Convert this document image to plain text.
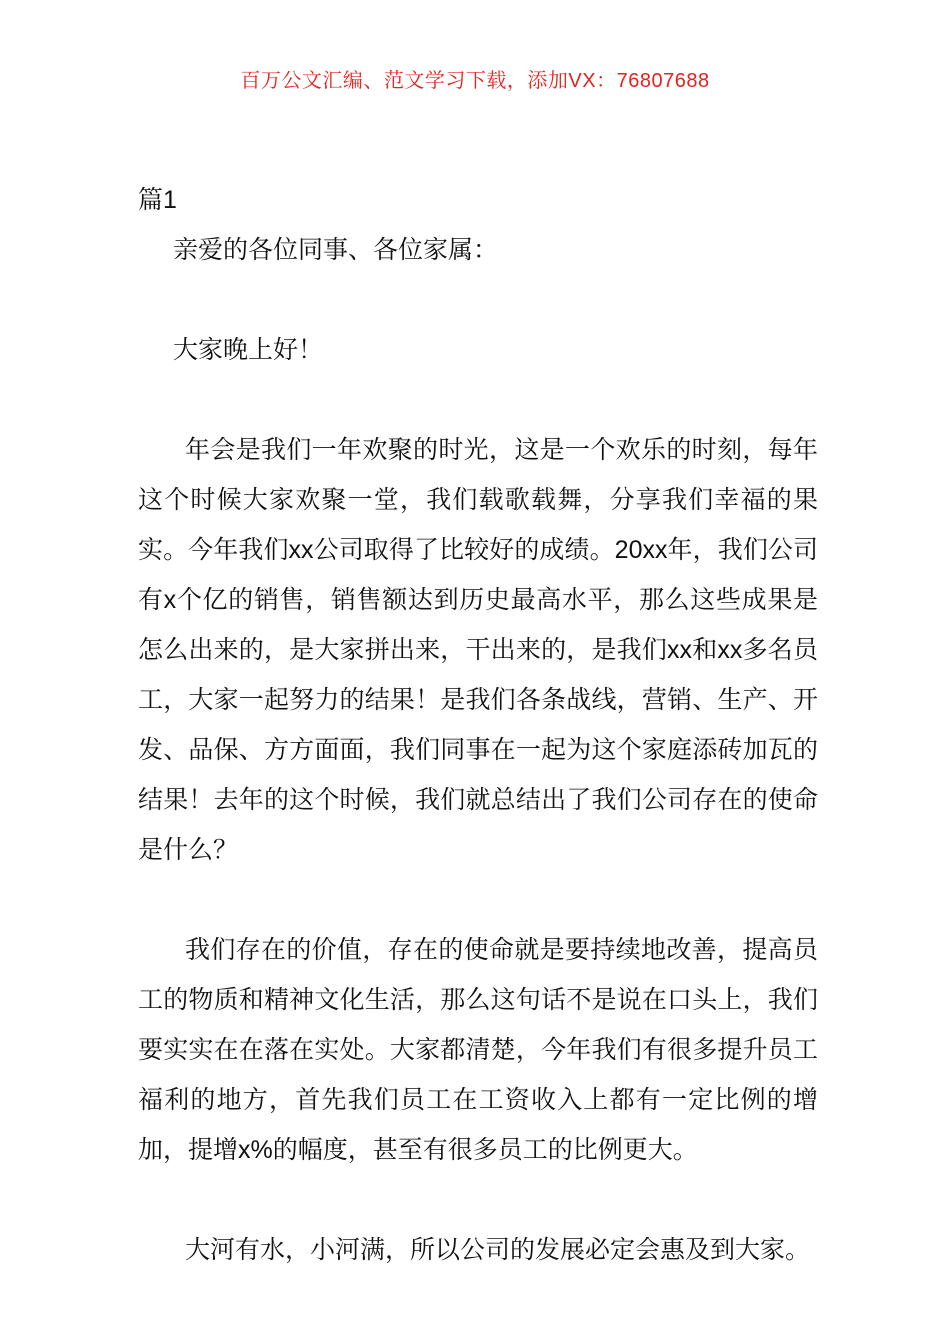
百万公文汇编、范文学习下载，添加VX：76807688

篇1

亲爱的各位同事、各位家属：

大家晚上好！

年会是我们一年欢聚的时光，这是一个欢乐的时刻，每年这个时候大家欢聚一堂，我们载歌载舞，分享我们幸福的果实。今年我们xx公司取得了比较好的成绩。20xx年，我们公司有x个亿的销售，销售额达到历史最高水平，那么这些成果是怎么出来的，是大家拼出来，干出来的，是我们xx和xx多名员工，大家一起努力的结果！是我们各条战线，营销、生产、开发、品保、方方面面，我们同事在一起为这个家庭添砖加瓦的结果！去年的这个时候，我们就总结出了我们公司存在的使命是什么？

我们存在的价值，存在的使命就是要持续地改善，提高员工的物质和精神文化生活，那么这句话不是说在口头上，我们要实实在在落在实处。大家都清楚，今年我们有很多提升员工福利的地方，首先我们员工在工资收入上都有一定比例的增加，提增x%的幅度，甚至有很多员工的比例更大。

大河有水，小河满，所以公司的发展必定会惠及到大家。
